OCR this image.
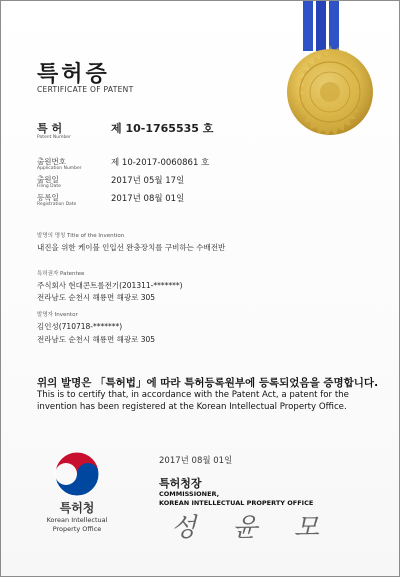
특허증
CERTIFICATE OF PATENT
특 허
Patent Number
제 10-1765535 호
출원번호
Application Number
제 10-2017-0060861 호
출원일
Filing Date
2017년 05월 17일
등록일
Registration Date
2017년 08월 01일
발명의 명칭 Title of the Invention
내진을 위한 케이블 인입선 완충장치를 구비하는 수배전반
특허권자 Patentee
주식회사 현대콘트롤전기(201311-*******)
전라남도 순천시 해룡면 해광로 305
발명자 Inventor
김인성(710718-*******)
전라남도 순천시 해룡면 해광로 305
위의 발명은 「특허법」에 따라 특허등록원부에 등록되었음을 증명합니다.
This is to certify that, in accordance with the Patent Act, a patent for the invention has been registered at the Korean Intellectual Property Office.
특허청
Korean Intellectual
Property Office
2017년 08월 01일
특허청장
COMMISSIONER,
KOREAN INTELLECTUAL PROPERTY OFFICE
성 윤 모
